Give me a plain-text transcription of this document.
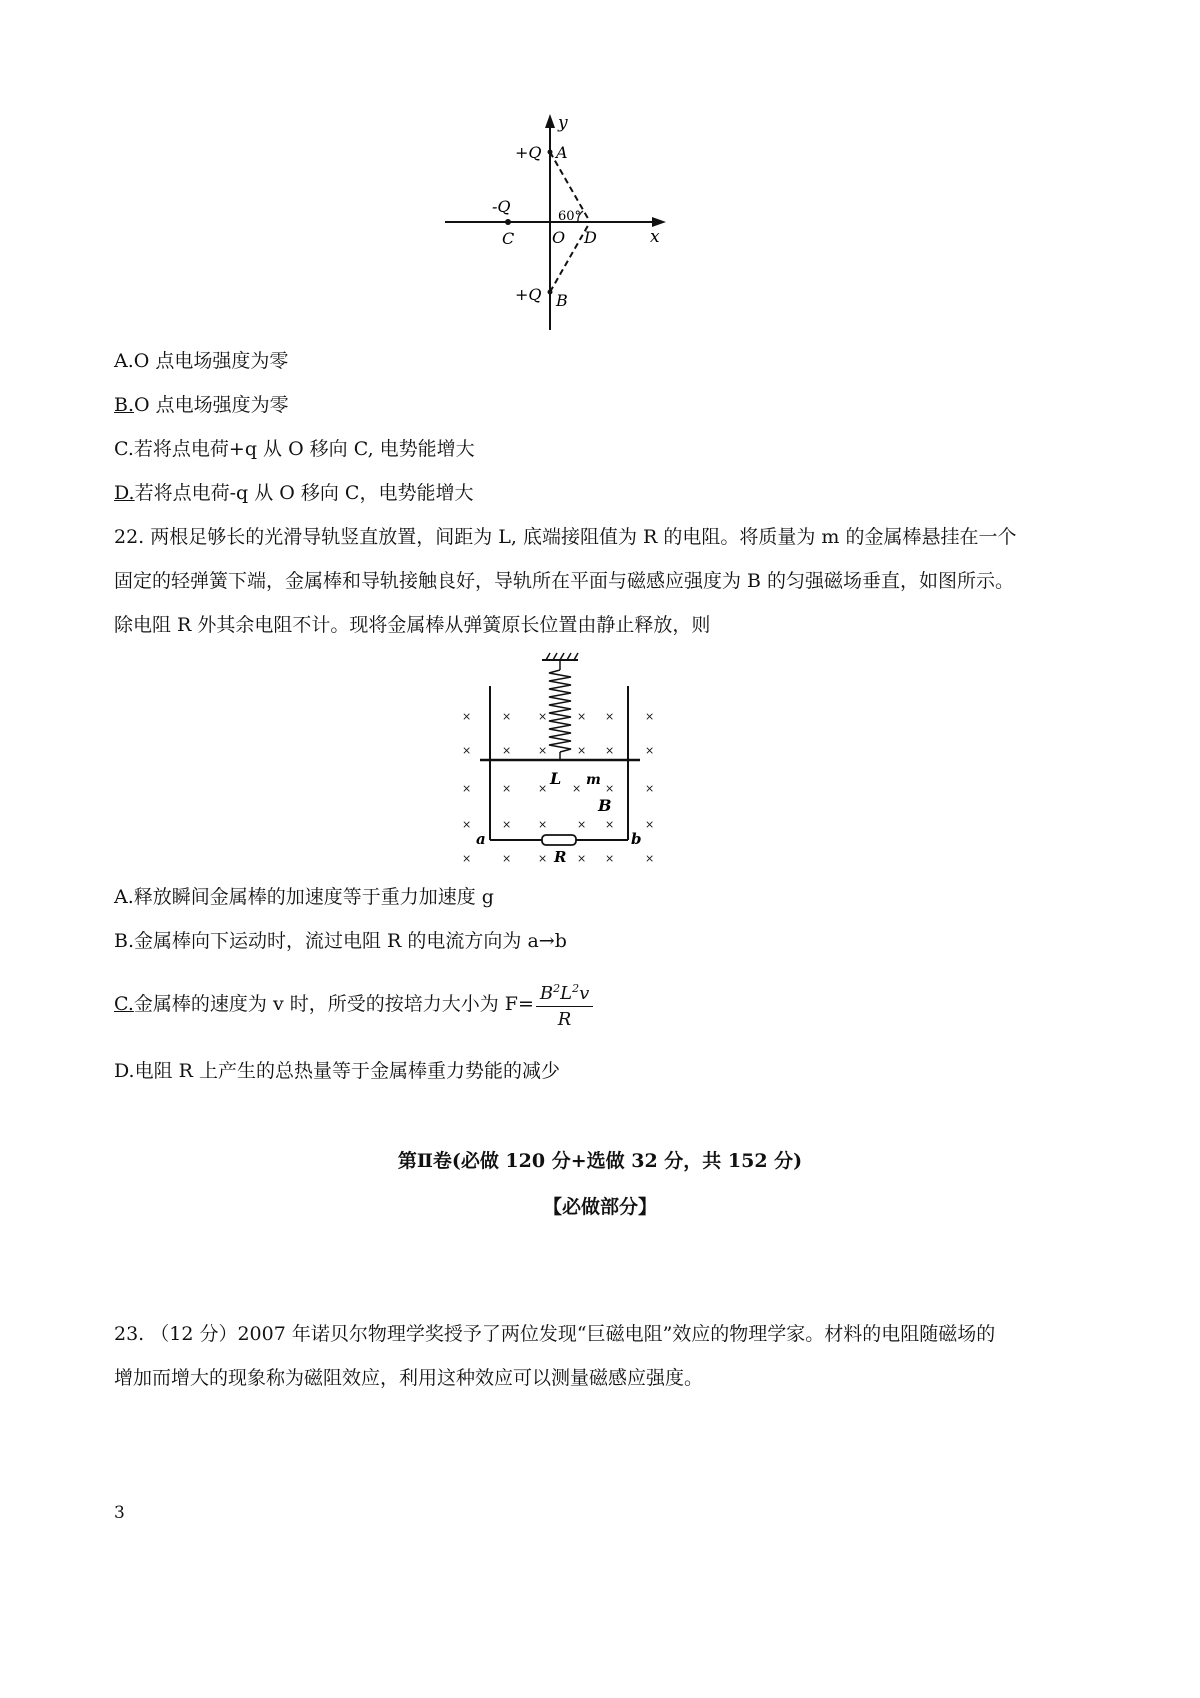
y
x
+Q A
-Q
60°
C O D
+Q B
A.O 点电场强度为零
B.O 点电场强度为零
C.若将点电荷+q 从 O 移向 C, 电势能增大
D.若将点电荷-q 从 O 移向 C，电势能增大
22. 两根足够长的光滑导轨竖直放置，间距为 L, 底端接阻值为 R 的电阻。将质量为 m 的金属棒悬挂在一个
固定的轻弹簧下端，金属棒和导轨接触良好，导轨所在平面与磁感应强度为 B 的匀强磁场垂直，如图所示。
除电阻 R 外其余电阻不计。现将金属棒从弹簧原长位置由静止释放，则
×	× ×	× ×	×
×	× ×	× ×	×
×	× × × ×	×
×	× ×	× ×	×
×	× ×	× ×	×
L m
B
a	b
R
A.释放瞬间金属棒的加速度等于重力加速度 g
B.金属棒向下运动时，流过电阻 R 的电流方向为 a→b
C.金属棒的速度为 v 时，所受的按培力大小为 $F= \frac{B^2L^2v}{R}$
D.电阻 R 上产生的总热量等于金属棒重力势能的减少
第Ⅱ卷(必做 120 分+选做 32 分，共 152 分)
【必做部分】
23. （12 分）2007 年诺贝尔物理学奖授予了两位发现“巨磁电阻”效应的物理学家。材料的电阻随磁场的
增加而增大的现象称为磁阻效应，利用这种效应可以测量磁感应强度。
3
